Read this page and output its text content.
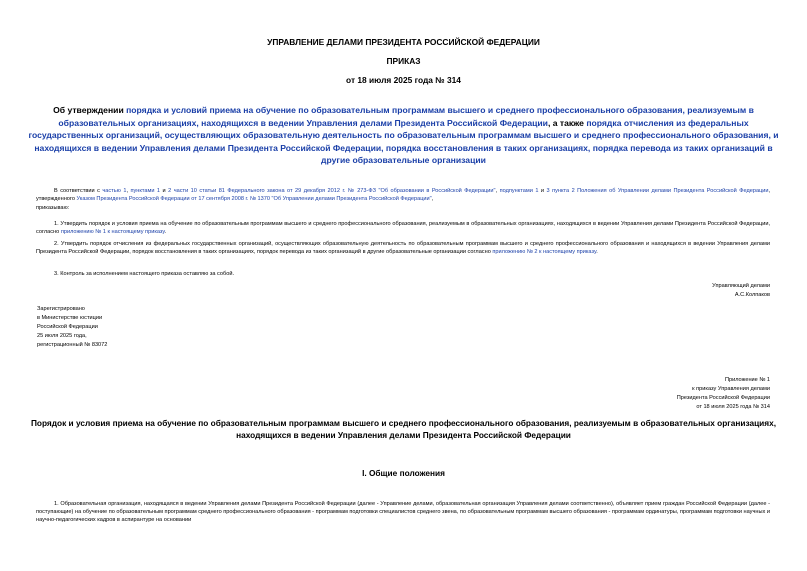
УПРАВЛЕНИЕ ДЕЛАМИ ПРЕЗИДЕНТА РОССИЙСКОЙ ФЕДЕРАЦИИ
ПРИКАЗ
от 18 июля 2025 года № 314
Об утверждении порядка и условий приема на обучение по образовательным программам высшего и среднего профессионального образования, реализуемым в образовательных организациях, находящихся в ведении Управления делами Президента Российской Федерации, а также порядка отчисления из федеральных государственных организаций, осуществляющих образовательную деятельность по образовательным программам высшего и среднего профессионального образования, и находящихся в ведении Управления делами Президента Российской Федерации, порядка восстановления в таких организациях, порядка перевода из таких организаций в другие образовательные организации
В соответствии с частью 1, пунктами 1 и 2 части 10 статьи 81 Федерального закона от 29 декабря 2012 г. № 273-ФЗ "Об образовании в Российской Федерации", подпунктами 1 и 3 пункта 2 Положения об Управлении делами Президента Российской Федерации, утвержденного Указом Президента Российской Федерации от 17 сентября 2008 г. № 1370 "Об Управлении делами Президента Российской Федерации",
приказываю:
1. Утвердить порядок и условия приема на обучение по образовательным программам высшего и среднего профессионального образования, реализуемым в образовательных организациях, находящихся в ведении Управления делами Президента Российской Федерации, согласно приложению № 1 к настоящему приказу.
2. Утвердить порядок отчисления из федеральных государственных организаций, осуществляющих образовательную деятельность по образовательным программам высшего и среднего профессионального образования и находящихся в ведении Управления делами Президента Российской Федерации, порядок восстановления в таких организациях, порядок перевода из таких организаций в другие образовательные организации согласно приложению № 2 к настоящему приказу.
3. Контроль за исполнением настоящего приказа оставляю за собой.
Управляющий делами
А.С.Колпаков
Зарегистрировано
в Министерстве юстиции
Российской Федерации
25 июля 2025 года,
регистрационный № 83072
Приложение № 1
к приказу Управления делами
Президента Российской Федерации
от 18 июля 2025 года № 314
Порядок и условия приема на обучение по образовательным программам высшего и среднего профессионального образования, реализуемым в образовательных организациях, находящихся в ведении Управления делами Президента Российской Федерации
I. Общие положения
1. Образовательная организация, находящаяся в ведении Управления делами Президента Российской Федерации (далее - Управление делами, образовательная организация Управления делами соответственно), объявляет прием граждан Российской Федерации (далее - поступающие) на обучение по образовательным программам среднего профессионального образования - программам подготовки специалистов среднего звена, по образовательным программам высшего образования - программам ординатуры, программам подготовки научных и научно-педагогических кадров в аспирантуре на основании
